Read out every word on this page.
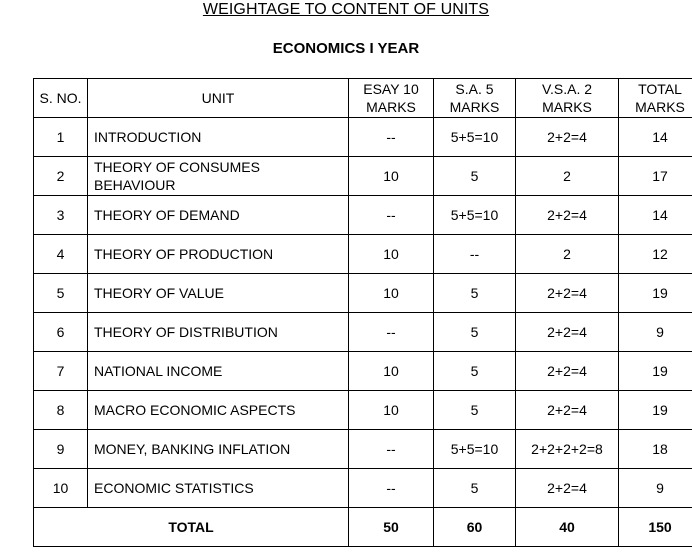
WEIGHTAGE TO CONTENT OF UNITS
ECONOMICS I YEAR
S. NO.	UNIT	ESAY 10 MARKS	S.A. 5 MARKS	V.S.A. 2 MARKS	TOTAL MARKS
1	INTRODUCTION	--	5+5=10	2+2=4	14
2	THEORY OF CONSUMES BEHAVIOUR	10	5	2	17
3	THEORY OF DEMAND	--	5+5=10	2+2=4	14
4	THEORY OF PRODUCTION	10	--	2	12
5	THEORY OF VALUE	10	5	2+2=4	19
6	THEORY OF DISTRIBUTION	--	5	2+2=4	9
7	NATIONAL INCOME	10	5	2+2=4	19
8	MACRO ECONOMIC ASPECTS	10	5	2+2=4	19
9	MONEY, BANKING INFLATION	--	5+5=10	2+2+2+2=8	18
10	ECONOMIC STATISTICS	--	5	2+2=4	9
TOTAL		50	60	40	150
